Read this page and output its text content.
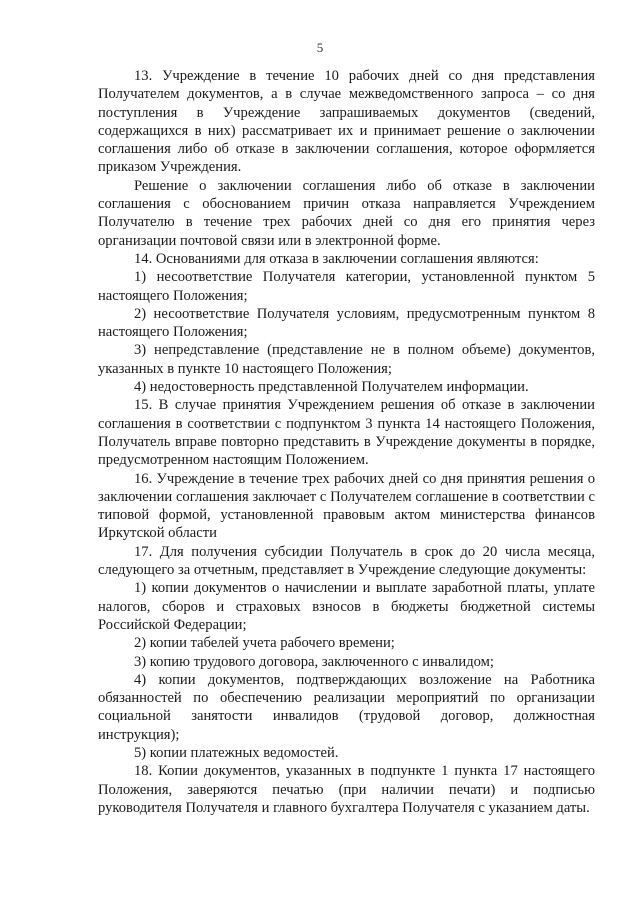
5

13. Учреждение в течение 10 рабочих дней со дня представления Получателем документов, а в случае межведомственного запроса – со дня поступления в Учреждение запрашиваемых документов (сведений, содержащихся в них) рассматривает их и принимает решение о заключении соглашения либо об отказе в заключении соглашения, которое оформляется приказом Учреждения.

Решение о заключении соглашения либо об отказе в заключении соглашения с обоснованием причин отказа направляется Учреждением Получателю в течение трех рабочих дней со дня его принятия через организации почтовой связи или в электронной форме.

14. Основаниями для отказа в заключении соглашения являются:

1) несоответствие Получателя категории, установленной пунктом 5 настоящего Положения;

2) несоответствие Получателя условиям, предусмотренным пунктом 8 настоящего Положения;

3) непредставление (представление не в полном объеме) документов, указанных в пункте 10 настоящего Положения;

4) недостоверность представленной Получателем информации.

15. В случае принятия Учреждением решения об отказе в заключении соглашения в соответствии с подпунктом 3 пункта 14 настоящего Положения, Получатель вправе повторно представить в Учреждение документы в порядке, предусмотренном настоящим Положением.

16. Учреждение в течение трех рабочих дней со дня принятия решения о заключении соглашения заключает с Получателем соглашение в соответствии с типовой формой, установленной правовым актом министерства финансов Иркутской области

17. Для получения субсидии Получатель в срок до 20 числа месяца, следующего за отчетным, представляет в Учреждение следующие документы:

1) копии документов о начислении и выплате заработной платы, уплате налогов, сборов и страховых взносов в бюджеты бюджетной системы Российской Федерации;

2) копии табелей учета рабочего времени;

3) копию трудового договора, заключенного с инвалидом;

4) копии документов, подтверждающих возложение на Работника обязанностей по обеспечению реализации мероприятий по организации социальной занятости инвалидов (трудовой договор, должностная инструкция);

5) копии платежных ведомостей.

18. Копии документов, указанных в подпункте 1 пункта 17 настоящего Положения, заверяются печатью (при наличии печати) и подписью руководителя Получателя и главного бухгалтера Получателя с указанием даты.
